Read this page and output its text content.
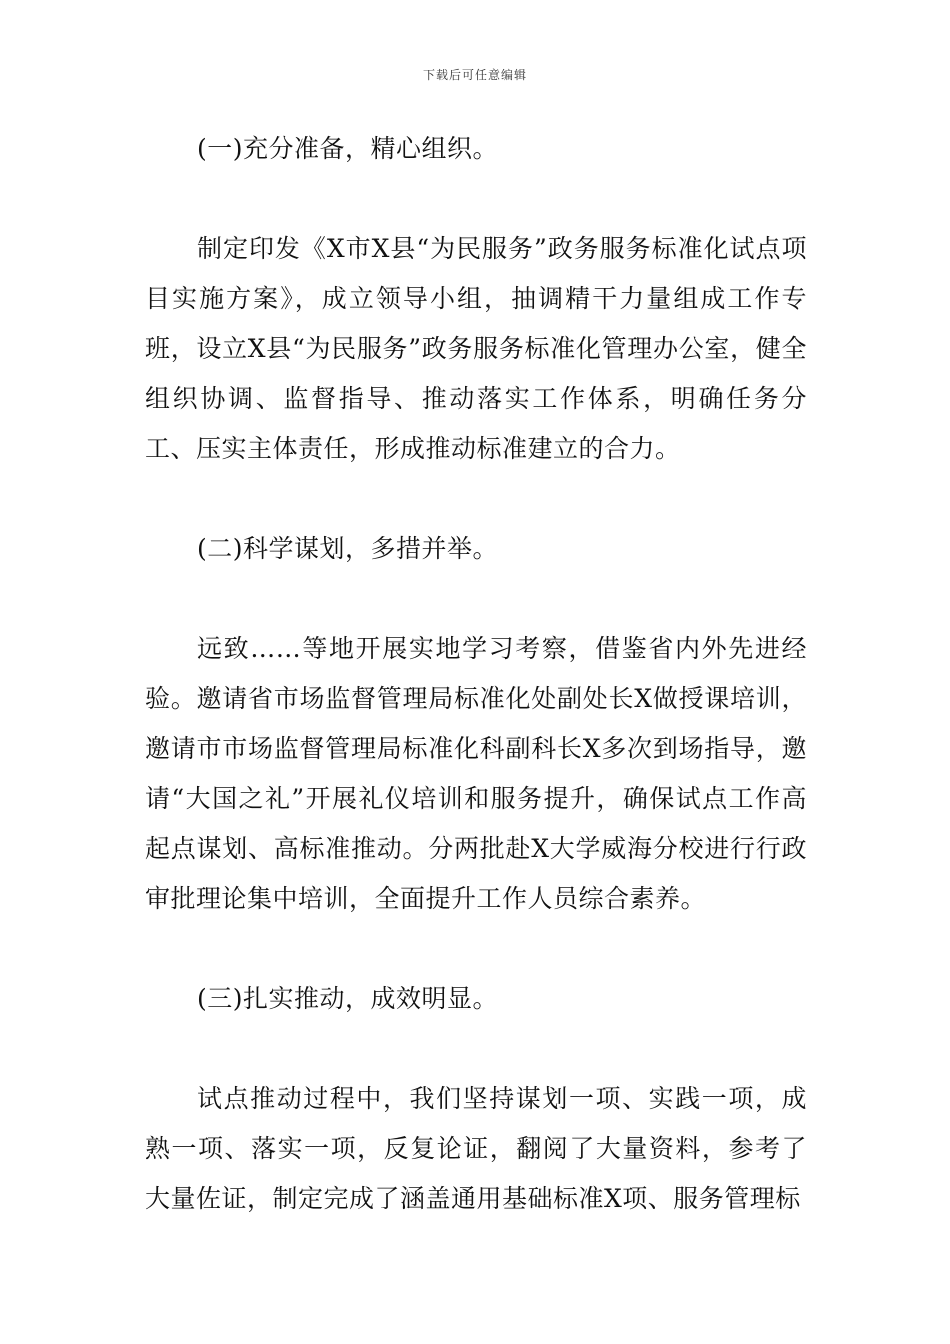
下载后可任意编辑
(一)充分准备，精心组织。
制定印发《X市X县“为民服务”政务服务标准化试点项目实施方案》，成立领导小组，抽调精干力量组成工作专班，设立X县“为民服务”政务服务标准化管理办公室，健全组织协调、监督指导、推动落实工作体系，明确任务分工、压实主体责任，形成推动标准建立的合力。
(二)科学谋划，多措并举。
远致……等地开展实地学习考察，借鉴省内外先进经验。邀请省市场监督管理局标准化处副处长X做授课培训，邀请市市场监督管理局标准化科副科长X多次到场指导，邀请“大国之礼”开展礼仪培训和服务提升，确保试点工作高起点谋划、高标准推动。分两批赴X大学威海分校进行行政审批理论集中培训，全面提升工作人员综合素养。
(三)扎实推动，成效明显。
试点推动过程中，我们坚持谋划一项、实践一项，成熟一项、落实一项，反复论证，翻阅了大量资料，参考了大量佐证，制定完成了涵盖通用基础标准X项、服务管理标
